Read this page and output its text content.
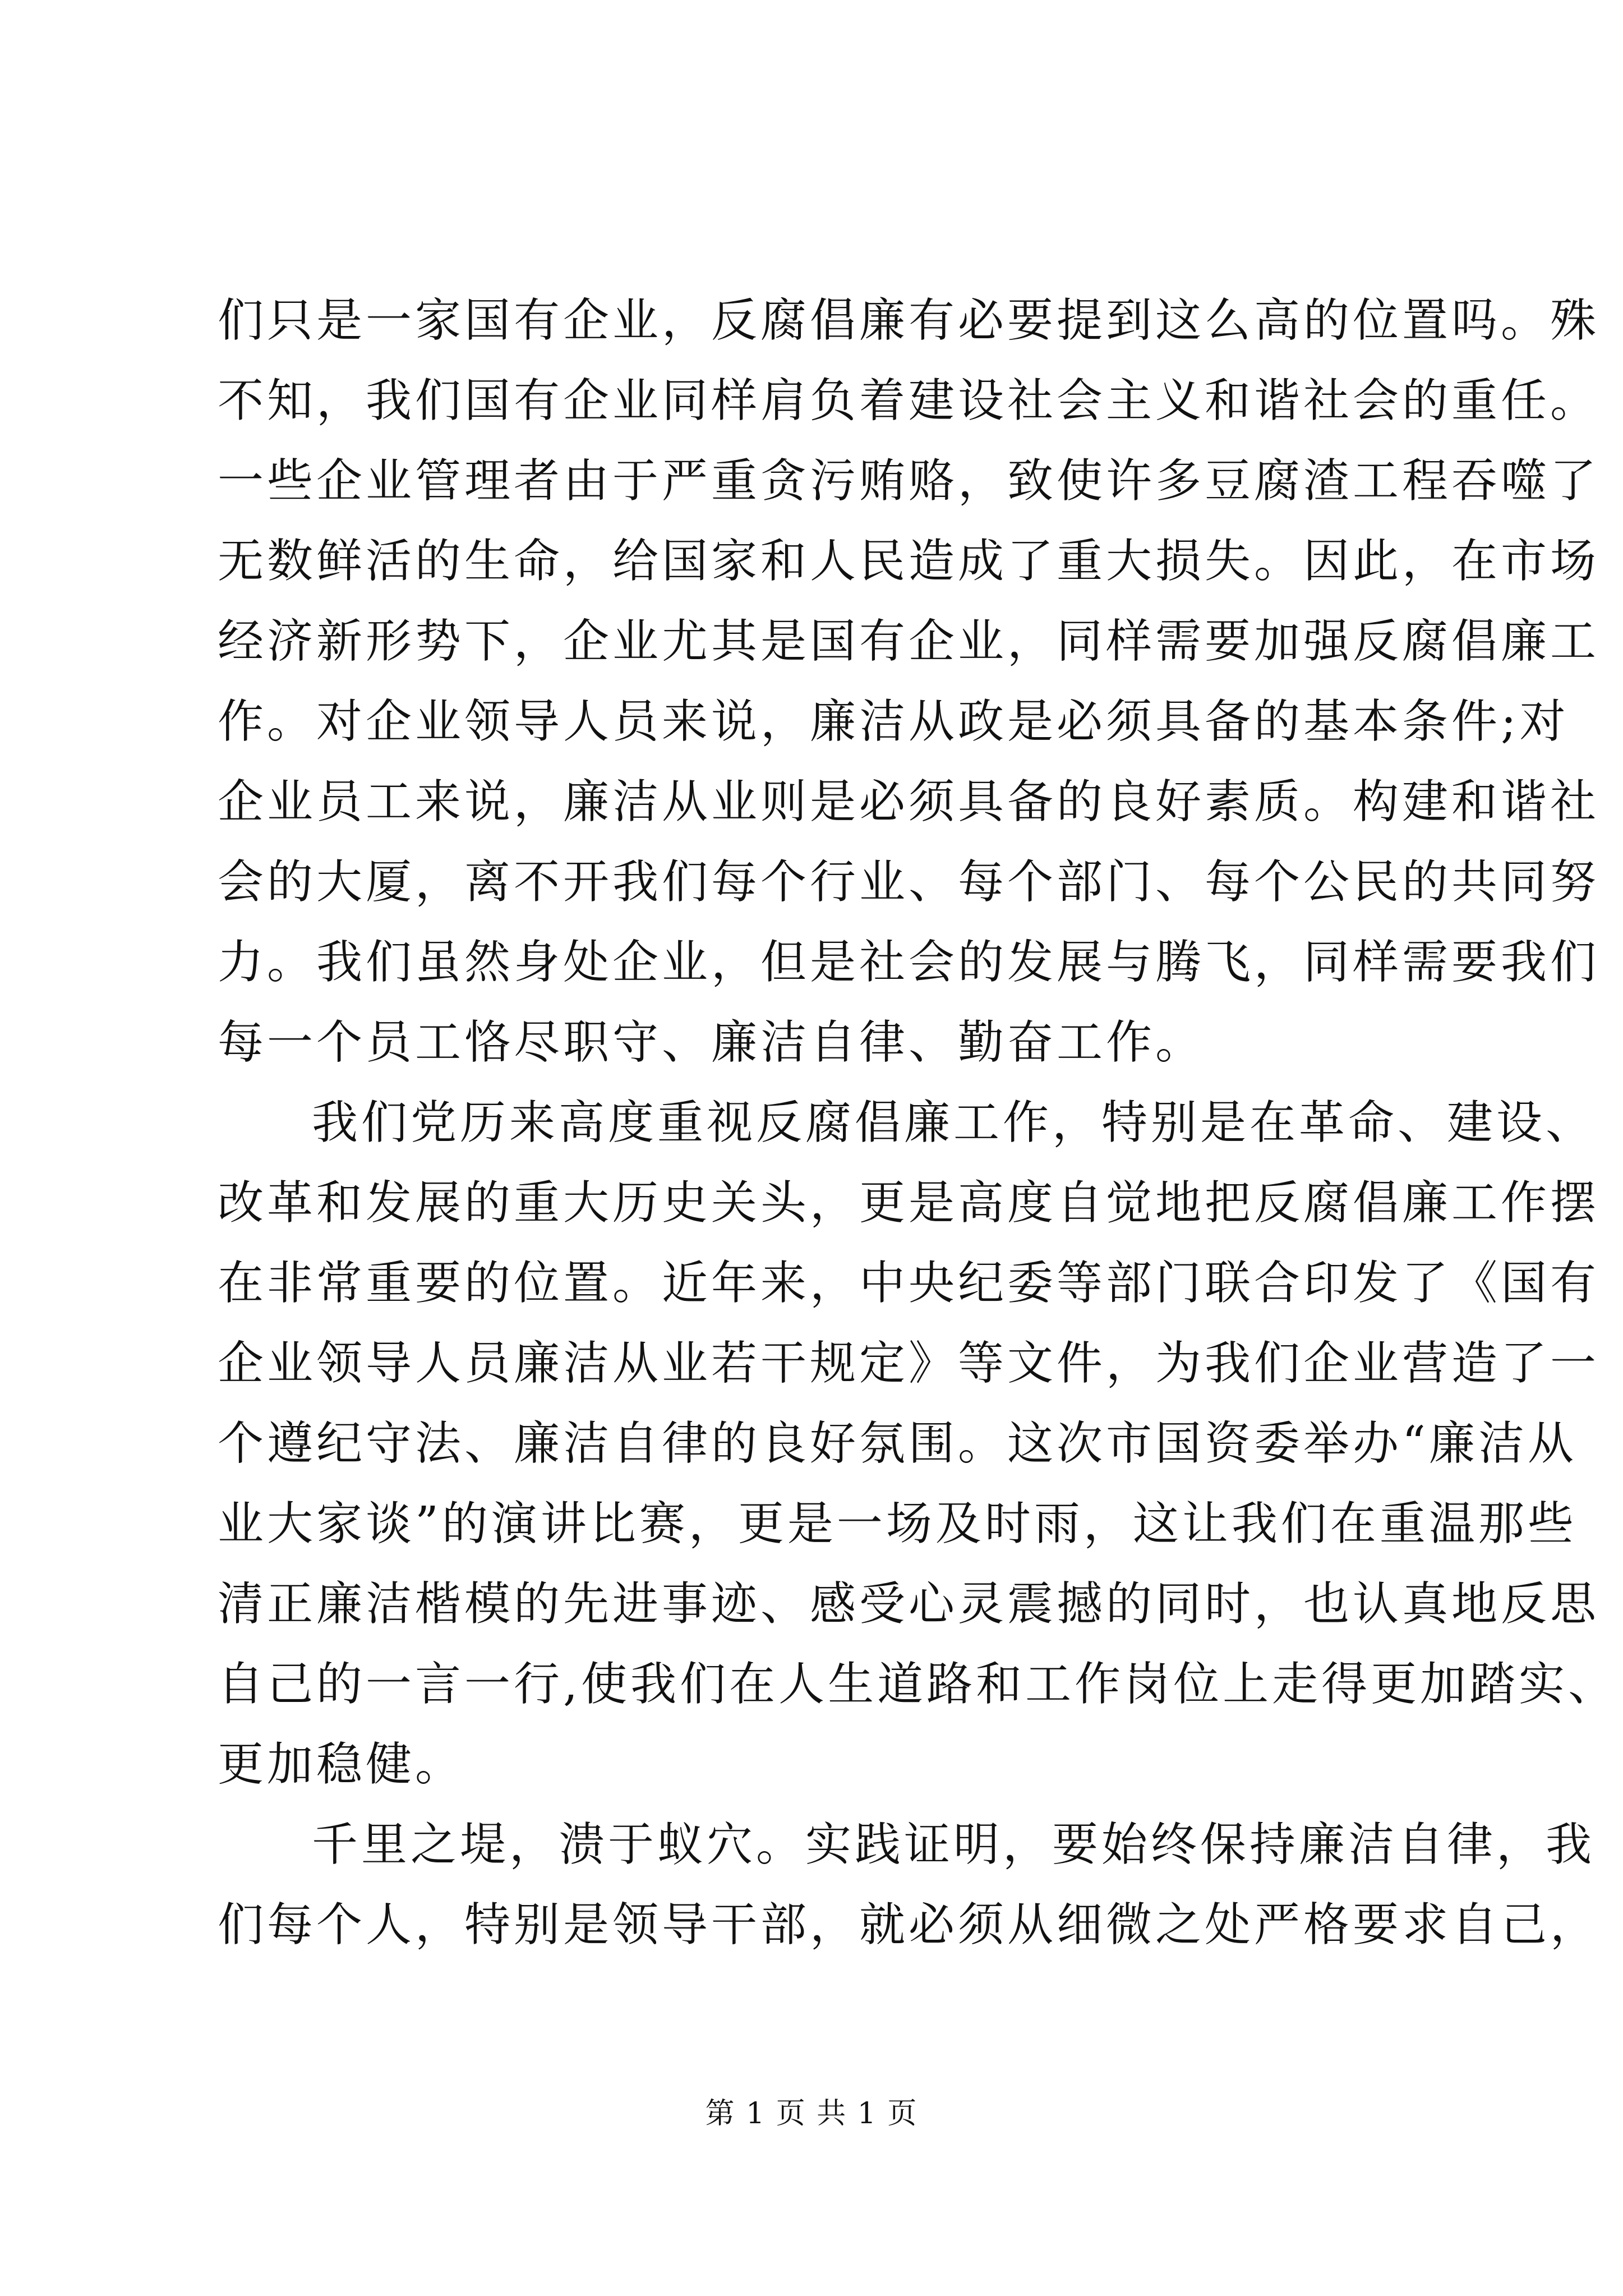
们只是一家国有企业，反腐倡廉有必要提到这么高的位置吗。殊
不知，我们国有企业同样肩负着建设社会主义和谐社会的重任。
一些企业管理者由于严重贪污贿赂，致使许多豆腐渣工程吞噬了
无数鲜活的生命，给国家和人民造成了重大损失。因此，在市场
经济新形势下，企业尤其是国有企业，同样需要加强反腐倡廉工
作。对企业领导人员来说，廉洁从政是必须具备的基本条件;对
企业员工来说，廉洁从业则是必须具备的良好素质。构建和谐社
会的大厦，离不开我们每个行业、每个部门、每个公民的共同努
力。我们虽然身处企业，但是社会的发展与腾飞，同样需要我们
每一个员工恪尽职守、廉洁自律、勤奋工作。
我们党历来高度重视反腐倡廉工作，特别是在革命、建设、
改革和发展的重大历史关头，更是高度自觉地把反腐倡廉工作摆
在非常重要的位置。近年来，中央纪委等部门联合印发了《国有
企业领导人员廉洁从业若干规定》等文件，为我们企业营造了一
个遵纪守法、廉洁自律的良好氛围。这次市国资委举办“廉洁从
业大家谈”的演讲比赛，更是一场及时雨，这让我们在重温那些
清正廉洁楷模的先进事迹、感受心灵震撼的同时，也认真地反思
自己的一言一行,使我们在人生道路和工作岗位上走得更加踏实、
更加稳健。
千里之堤，溃于蚁穴。实践证明，要始终保持廉洁自律，我
们每个人，特别是领导干部，就必须从细微之处严格要求自己，
第 1 页 共 1 页
